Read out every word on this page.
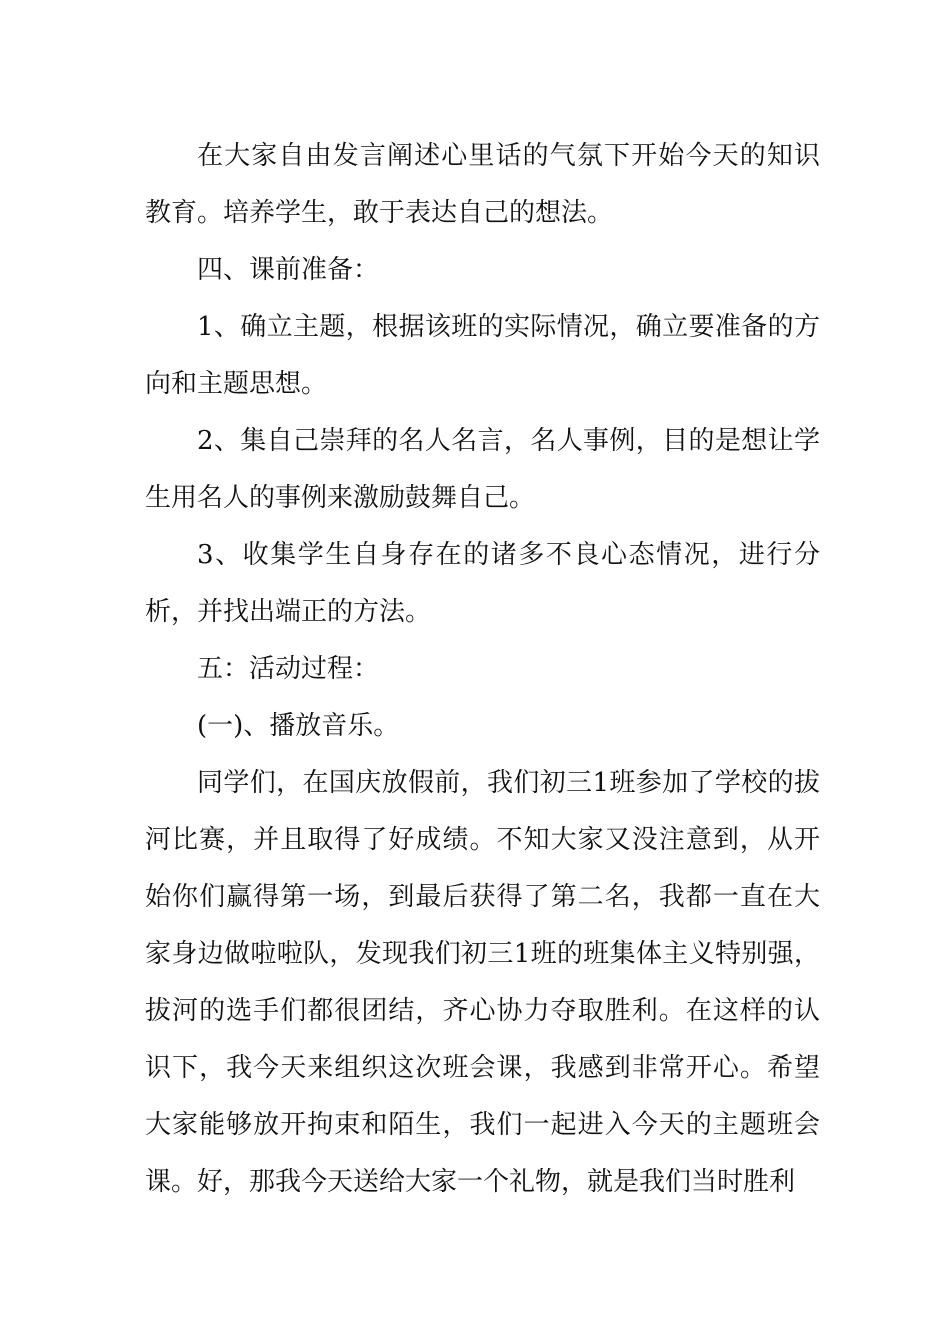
在大家自由发言阐述心里话的气氛下开始今天的知识教育。培养学生，敢于表达自己的想法。

四、课前准备：

1、确立主题，根据该班的实际情况，确立要准备的方向和主题思想。

2、集自己崇拜的名人名言，名人事例，目的是想让学生用名人的事例来激励鼓舞自己。

3、收集学生自身存在的诸多不良心态情况，进行分析，并找出端正的方法。

五：活动过程：

(一)、播放音乐。

同学们，在国庆放假前，我们初三1班参加了学校的拔河比赛，并且取得了好成绩。不知大家又没注意到，从开始你们赢得第一场，到最后获得了第二名，我都一直在大家身边做啦啦队，发现我们初三1班的班集体主义特别强，拔河的选手们都很团结，齐心协力夺取胜利。在这样的认识下，我今天来组织这次班会课，我感到非常开心。希望大家能够放开拘束和陌生，我们一起进入今天的主题班会课。好，那我今天送给大家一个礼物，就是我们当时胜利
